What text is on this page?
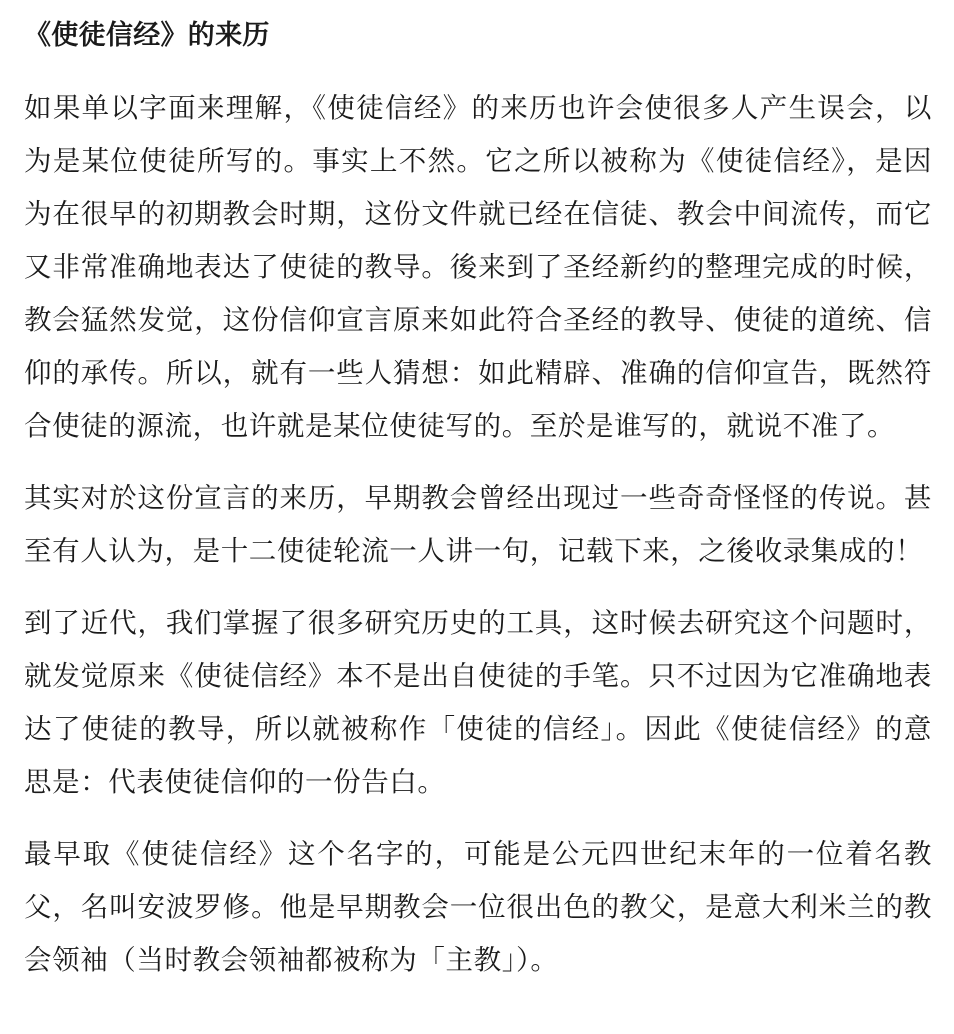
《使徒信经》的来历

如果单以字面来理解，《使徒信经》的来历也许会使很多人产生误会，以为是某位使徒所写的。事实上不然。它之所以被称为《使徒信经》，是因为在很早的初期教会时期，这份文件就已经在信徒、教会中间流传，而它又非常准确地表达了使徒的教导。後来到了圣经新约的整理完成的时候，教会猛然发觉，这份信仰宣言原来如此符合圣经的教导、使徒的道统、信仰的承传。所以，就有一些人猜想：如此精辟、准确的信仰宣告，既然符合使徒的源流，也许就是某位使徒写的。至於是谁写的，就说不准了。

其实对於这份宣言的来历，早期教会曾经出现过一些奇奇怪怪的传说。甚至有人认为，是十二使徒轮流一人讲一句，记载下来，之後收录集成的！

到了近代，我们掌握了很多研究历史的工具，这时候去研究这个问题时，就发觉原来《使徒信经》本不是出自使徒的手笔。只不过因为它准确地表达了使徒的教导，所以就被称作「使徒的信经」。因此《使徒信经》的意思是：代表使徒信仰的一份告白。

最早取《使徒信经》这个名字的，可能是公元四世纪末年的一位着名教父，名叫安波罗修。他是早期教会一位很出色的教父，是意大利米兰的教会领袖（当时教会领袖都被称为「主教」）。
